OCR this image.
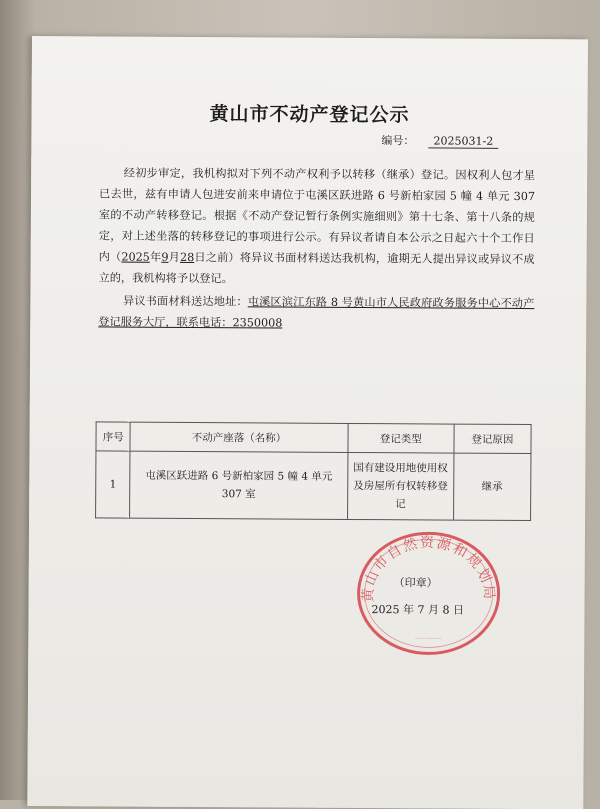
黄山市不动产登记公示
编号： 2025031-2

经初步审定，我机构拟对下列不动产权利予以转移（继承）登记。因权利人包才星已去世，兹有申请人包进安前来申请位于屯溪区跃进路 6 号新柏家园 5 幢 4 单元 307 室的不动产转移登记。根据《不动产登记暂行条例实施细则》第十七条、第十八条的规定，对上述坐落的转移登记的事项进行公示。有异议者请自本公示之日起六十个工作日内（2025年9月28日之前）将异议书面材料送达我机构，逾期无人提出异议或异议不成立的，我机构将予以登记。

异议书面材料送达地址：屯溪区滨江东路 8 号黄山市人民政府政务服务中心不动产登记服务大厅，联系电话：2350008

序号	不动产座落（名称）	登记类型	登记原因
1	屯溪区跃进路 6 号新柏家园 5 幢 4 单元 307 室	国有建设用地使用权及房屋所有权转移登记	继承
黄山市自然资源和规划局
··············
（印章）
2025 年 7 月 8 日
